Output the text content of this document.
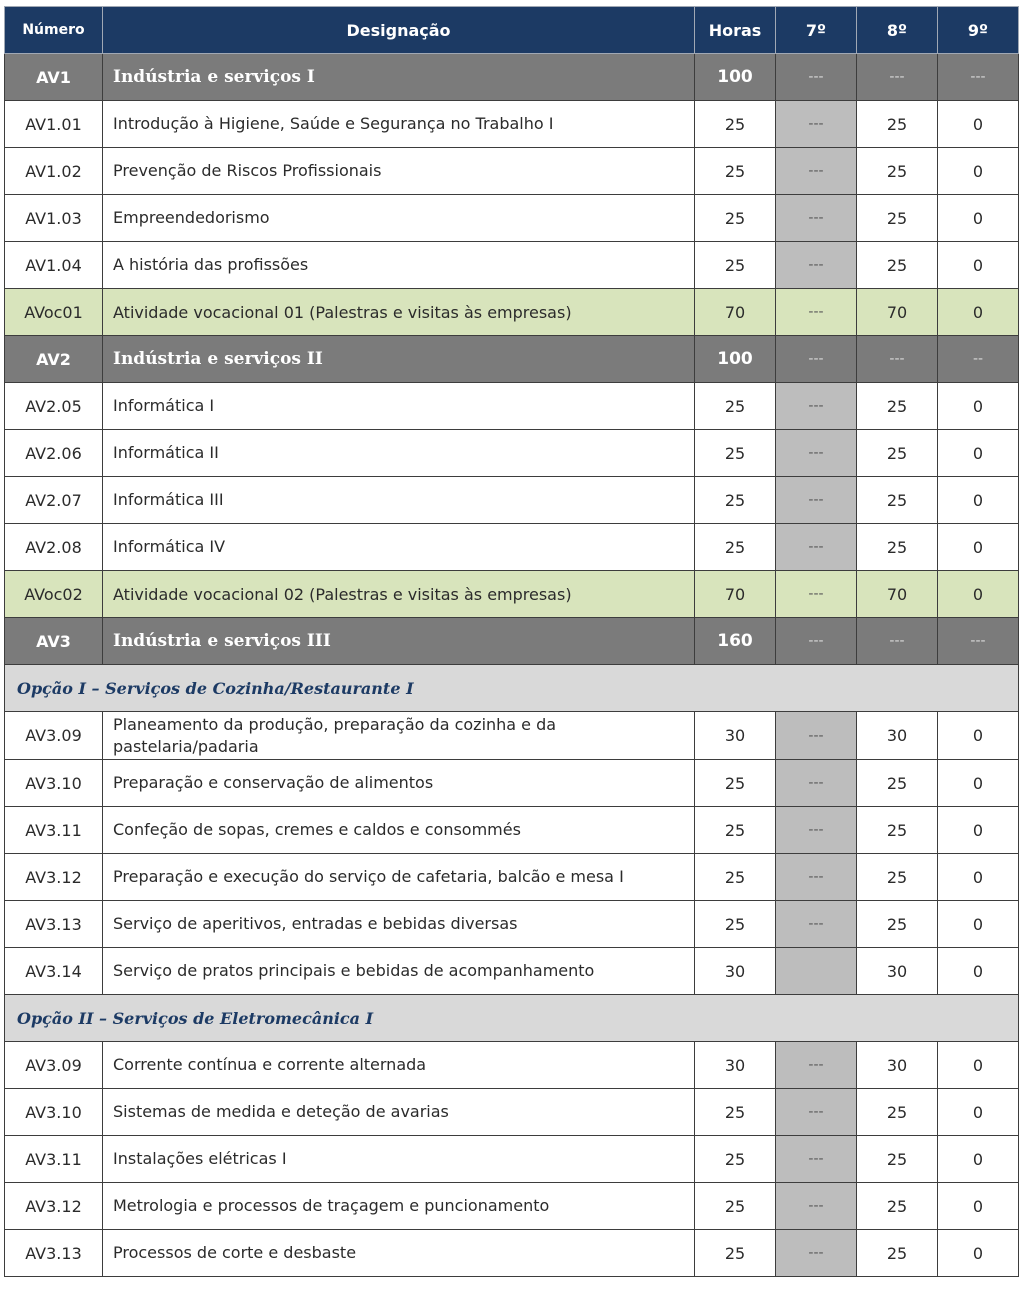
Número	Designação	Horas	7º	8º	9º
AV1	Indústria e serviços I	100	---	---	---
AV1.01	Introdução à Higiene, Saúde e Segurança no Trabalho I	25	---	25	0
AV1.02	Prevenção de Riscos Profissionais	25	---	25	0
AV1.03	Empreendedorismo	25	---	25	0
AV1.04	A história das profissões	25	---	25	0
AVoc01	Atividade vocacional 01 (Palestras e visitas às empresas)	70	---	70	0
AV2	Indústria e serviços II	100	---	---	--
AV2.05	Informática I	25	---	25	0
AV2.06	Informática II	25	---	25	0
AV2.07	Informática III	25	---	25	0
AV2.08	Informática IV	25	---	25	0
AVoc02	Atividade vocacional 02 (Palestras e visitas às empresas)	70	---	70	0
AV3	Indústria e serviços III	160	---	---	---
Opção I – Serviços de Cozinha/Restaurante I					
AV3.09	Planeamento da produção, preparação da cozinha e da pastelaria/padaria	30	---	30	0
AV3.10	Preparação e conservação de alimentos	25	---	25	0
AV3.11	Confeção de sopas, cremes e caldos e consommés	25	---	25	0
AV3.12	Preparação e execução do serviço de cafetaria, balcão e mesa I	25	---	25	0
AV3.13	Serviço de aperitivos, entradas e bebidas diversas	25	---	25	0
AV3.14	Serviço de pratos principais e bebidas de acompanhamento	30		30	0
Opção II – Serviços de Eletromecânica I					
AV3.09	Corrente contínua e corrente alternada	30	---	30	0
AV3.10	Sistemas de medida e deteção de avarias	25	---	25	0
AV3.11	Instalações elétricas I	25	---	25	0
AV3.12	Metrologia e processos de traçagem e puncionamento	25	---	25	0
AV3.13	Processos de corte e desbaste	25	---	25	0
